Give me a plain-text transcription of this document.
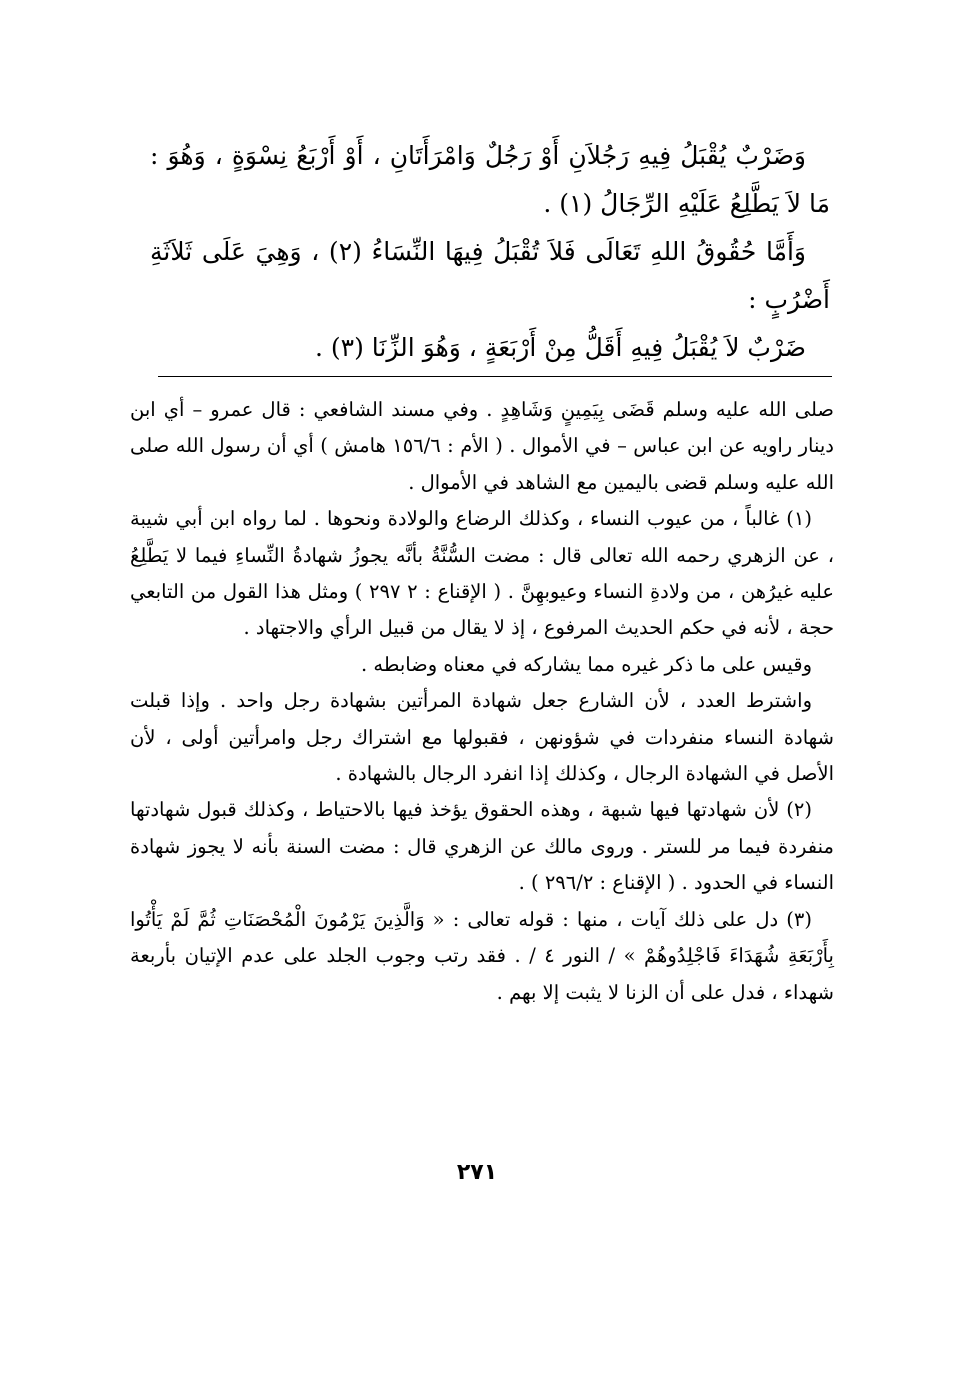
وَضَرْبٌ يُقْبَلُ فِيهِ رَجُلاَنِ أَوْ رَجُلٌ وَامْرَأَتَانِ ، أَوْ أَرْبَعُ نِسْوَةٍ ، وَهُوَ : مَا لاَ يَطَّلِعُ عَلَيْهِ الرِّجَالُ (١) .

وَأَمَّا حُقُوقُ اللهِ تَعَالَى فَلاَ تُقْبَلُ فِيهَا النِّسَاءُ (٢) ، وَهِيَ عَلَى ثَلاَثَةِ أَضْرُبٍ :

ضَرْبٌ لاَ يُقْبَلُ فِيهِ أَقَلُّ مِنْ أَرْبَعَةٍ ، وَهُوَ الزِّنَا (٣) .

صلى الله عليه وسلم قَضَى بِيَمِينٍ وَشَاهِدٍ . وفي مسند الشافعي : قال عمرو – أي ابن دينار راويه عن ابن عباس – في الأموال . ( الأم : ١٥٦/٦ هامش ) أي أن رسول الله صلى الله عليه وسلم قضى باليمين مع الشاهد في الأموال .

(١) غالباً ، من عيوب النساء ، وكذلك الرضاع والولادة ونحوها . لما رواه ابن أبي شيبة ، عن الزهري رحمه الله تعالى قال : مضت السُّنَّةُ بأنَّه يجوزُ شهادةُ النِّساءِ فيما لا يَطَّلِعُ عليه غيرُهن ، من ولادةِ النساء وعيوبهِنَّ . ( الإقناع : ٢ ٢٩٧ ) ومثل هذا القول من التابعي حجة ، لأنه في حكم الحديث المرفوع ، إذ لا يقال من قبيل الرأي والاجتهاد .

وقيس على ما ذكر غيره مما يشاركه في معناه وضابطه .

واشترط العدد ، لأن الشارع جعل شهادة المرأتين بشهادة رجل واحد . وإذا قبلت شهادة النساء منفردات في شؤونهن ، فقبولها مع اشتراك رجل وامرأتين أولى ، لأن الأصل في الشهادة الرجال ، وكذلك إذا انفرد الرجال بالشهادة .

(٢) لأن شهادتها فيها شبهة ، وهذه الحقوق يؤخذ فيها بالاحتياط ، وكذلك قبول شهادتها منفردة فيما مر للستر . وروى مالك عن الزهري قال : مضت السنة بأنه لا يجوز شهادة النساء في الحدود . ( الإقناع : ٢٩٦/٢ ) .

(٣) دل على ذلك آيات ، منها : قوله تعالى : « وَالَّذِينَ يَرْمُونَ الْمُحْصَنَاتِ ثُمَّ لَمْ يَأْتُوا بِأَرْبَعَةِ شُهَدَاءَ فَاجْلِدُوهُمْ » / النور ٤ / . فقد رتب وجوب الجلد على عدم الإتيان بأربعة شهداء ، فدل على أن الزنا لا يثبت إلا بهم .

٢٧١
